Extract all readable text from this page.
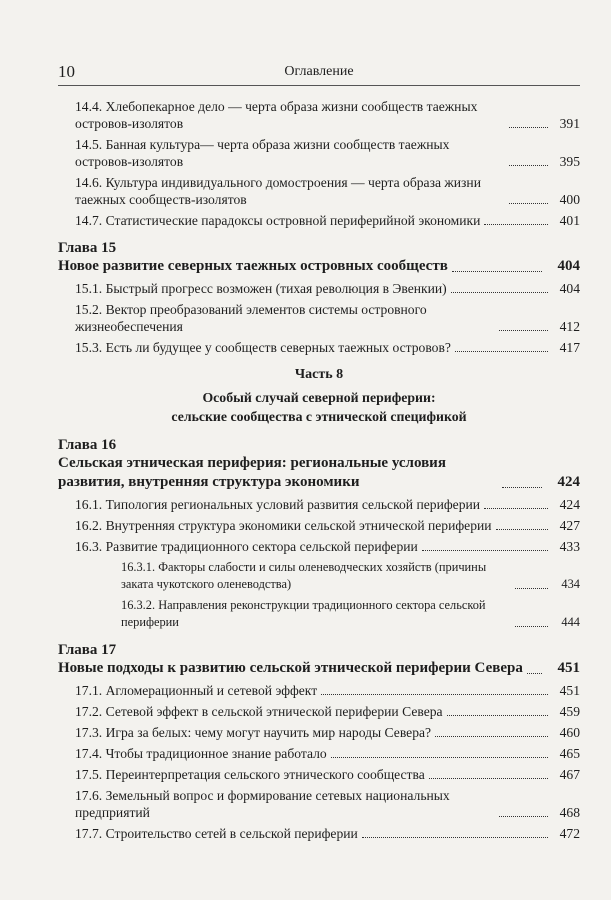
10	Оглавление
14.4. Хлебопекарное дело — черта образа жизни сообществ таежных островов-изолятов	391
14.5. Банная культура— черта образа жизни сообществ таежных островов-изолятов	395
14.6. Культура индивидуального домостроения — черта образа жизни таежных сообществ-изолятов	400
14.7. Статистические парадоксы островной периферийной экономики	401
Глава 15
Новое развитие северных таежных островных сообществ	404
15.1. Быстрый прогресс возможен (тихая революция в Эвенкии)	404
15.2. Вектор преобразований элементов системы островного жизнеобеспечения	412
15.3. Есть ли будущее у сообществ северных таежных островов?	417
Часть 8
Особый случай северной периферии:
сельские сообщества с этнической спецификой
Глава 16
Сельская этническая периферия: региональные условия развития, внутренняя структура экономики	424
16.1. Типология региональных условий развития сельской периферии	424
16.2. Внутренняя структура экономики сельской этнической периферии	427
16.3. Развитие традиционного сектора сельской периферии	433
16.3.1. Факторы слабости и силы оленеводческих хозяйств (причины заката чукотского оленеводства)	434
16.3.2. Направления реконструкции традиционного сектора сельской периферии	444
Глава 17
Новые подходы к развитию сельской этнической периферии Севера	451
17.1. Агломерационный и сетевой эффект	451
17.2. Сетевой эффект в сельской этнической периферии Севера	459
17.3. Игра за белых: чему могут научить мир народы Севера?	460
17.4. Чтобы традиционное знание работало	465
17.5. Переинтерпретация сельского этнического сообщества	467
17.6. Земельный вопрос и формирование сетевых национальных предприятий	468
17.7. Строительство сетей в сельской периферии	472
